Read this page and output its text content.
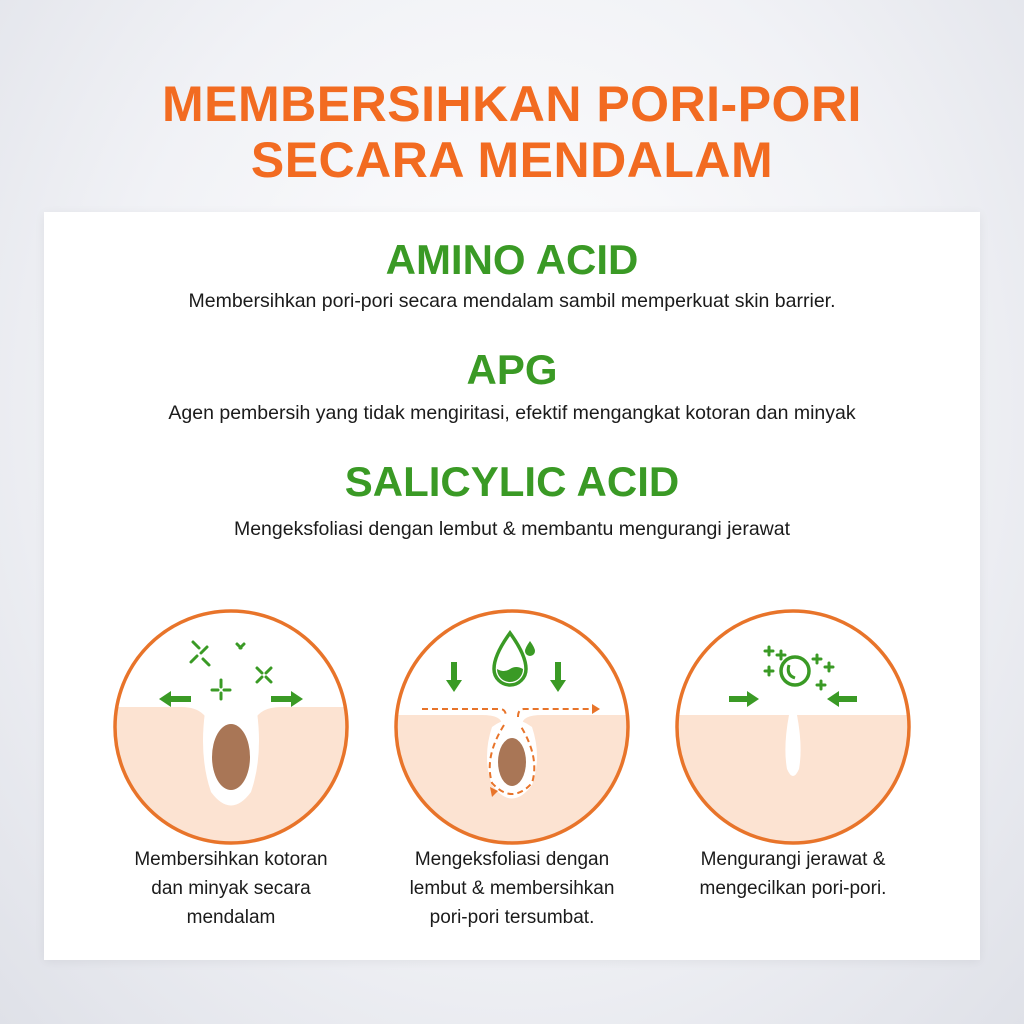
MEMBERSIHKAN PORI-PORI
SECARA MENDALAM
AMINO ACID
Membersihkan pori-pori secara mendalam sambil memperkuat skin barrier.
APG
Agen pembersih yang tidak mengiritasi, efektif mengangkat kotoran dan minyak
SALICYLIC ACID
Mengeksfoliasi dengan lembut & membantu mengurangi jerawat
Membersihkan kotoran
dan minyak secara
mendalam
Mengeksfoliasi dengan
lembut & membersihkan
pori-pori tersumbat.
Mengurangi jerawat &
mengecilkan pori-pori.
